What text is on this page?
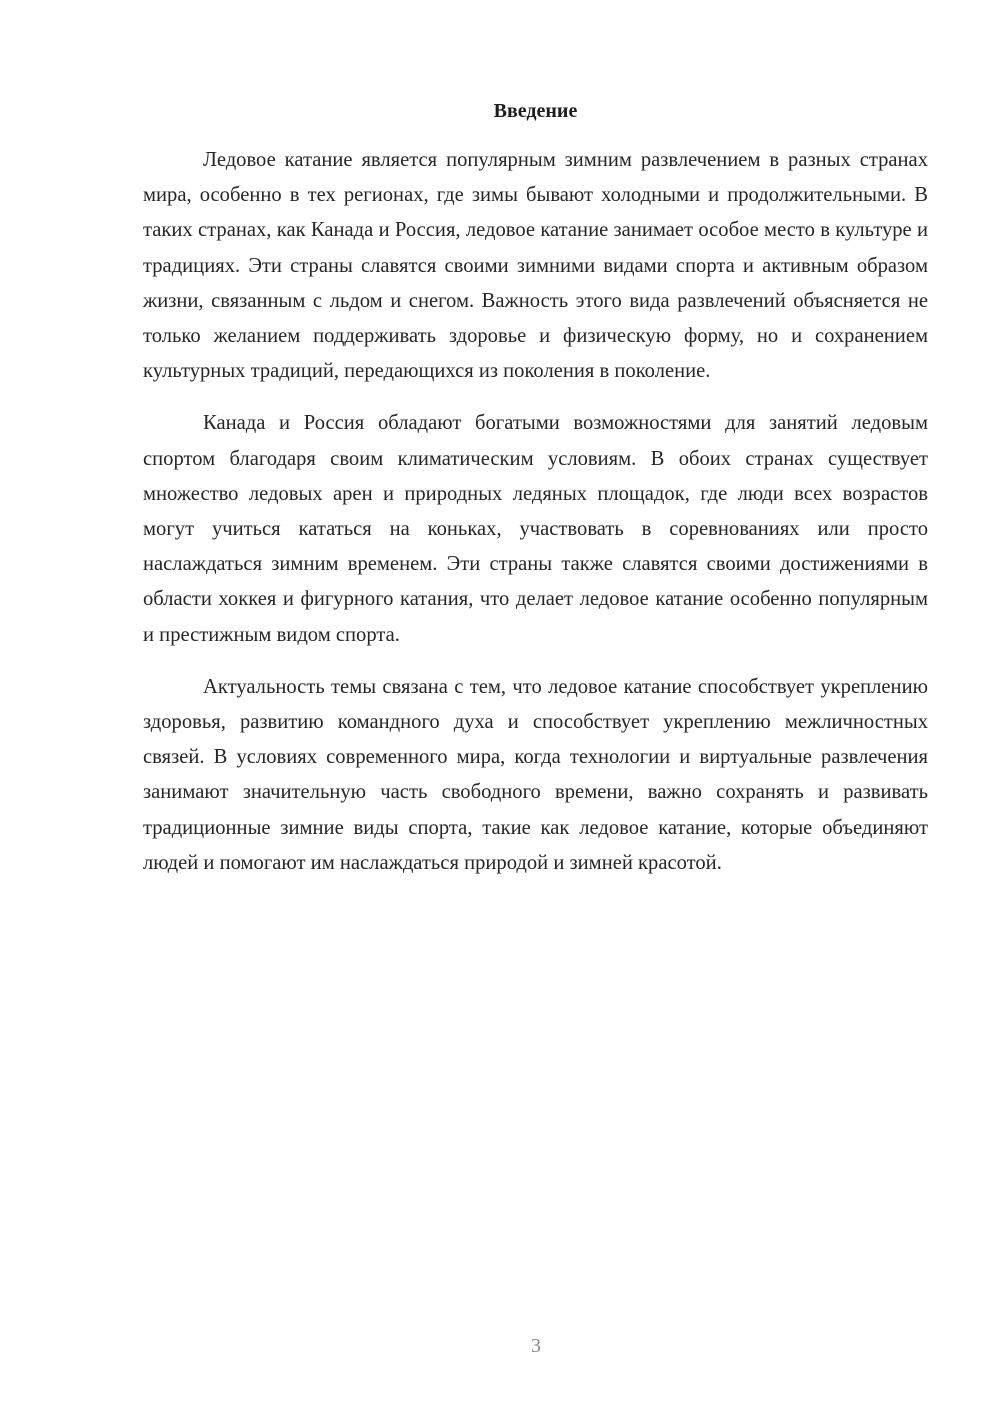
Введение

Ледовое катание является популярным зимним развлечением в разных странах мира, особенно в тех регионах, где зимы бывают холодными и продолжительными. В таких странах, как Канада и Россия, ледовое катание занимает особое место в культуре и традициях. Эти страны славятся своими зимними видами спорта и активным образом жизни, связанным с льдом и снегом. Важность этого вида развлечений объясняется не только желанием поддерживать здоровье и физическую форму, но и сохранением культурных традиций, передающихся из поколения в поколение.

Канада и Россия обладают богатыми возможностями для занятий ледовым спортом благодаря своим климатическим условиям. В обоих странах существует множество ледовых арен и природных ледяных площадок, где люди всех возрастов могут учиться кататься на коньках, участвовать в соревнованиях или просто наслаждаться зимним временем. Эти страны также славятся своими достижениями в области хоккея и фигурного катания, что делает ледовое катание особенно популярным и престижным видом спорта.

Актуальность темы связана с тем, что ледовое катание способствует укреплению здоровья, развитию командного духа и способствует укреплению межличностных связей. В условиях современного мира, когда технологии и виртуальные развлечения занимают значительную часть свободного времени, важно сохранять и развивать традиционные зимние виды спорта, такие как ледовое катание, которые объединяют людей и помогают им наслаждаться природой и зимней красотой.

3
